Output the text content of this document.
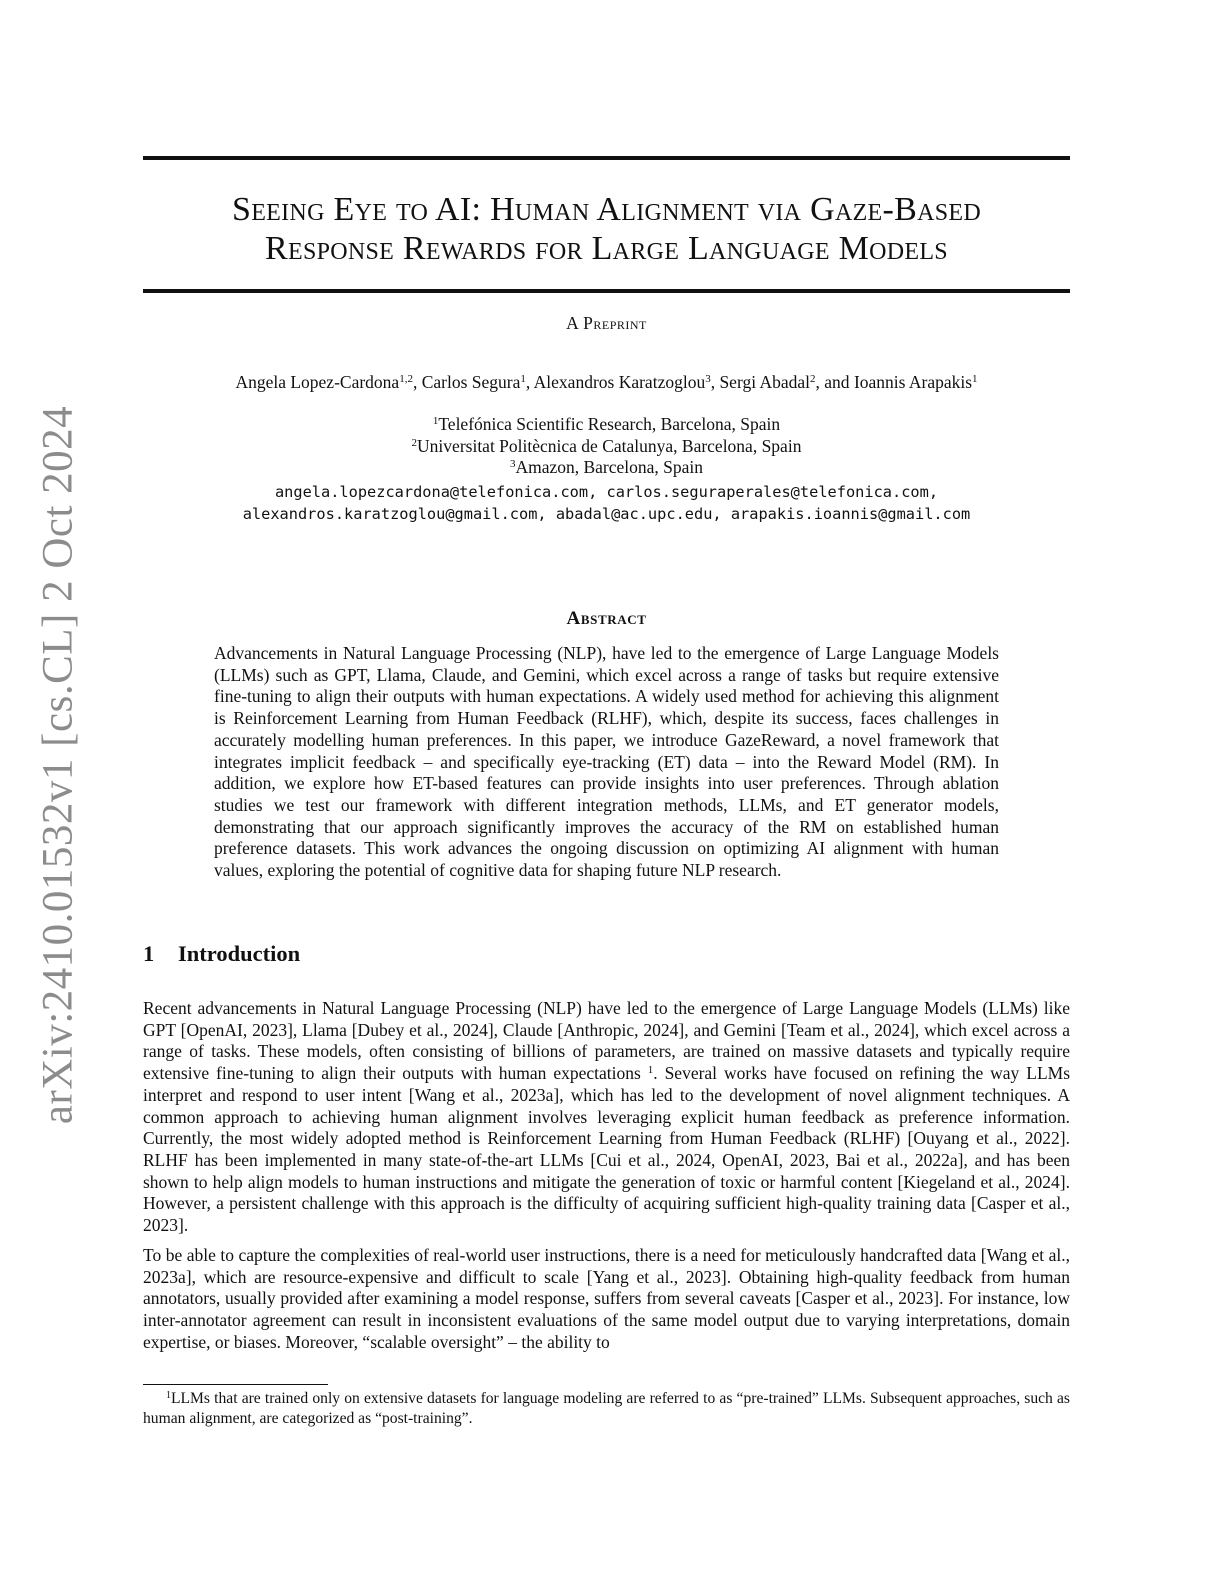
arXiv:2410.01532v1 [cs.CL] 2 Oct 2024
Seeing Eye to AI: Human Alignment via Gaze-Based
Response Rewards for Large Language Models
A Preprint
Angela Lopez-Cardona$^{1,2}$, Carlos Segura$^1$, Alexandros Karatzoglou$^3$, Sergi Abadal$^2$, and Ioannis Arapakis$^1$
$^1$Telefónica Scientific Research, Barcelona, Spain
$^2$Universitat Politècnica de Catalunya, Barcelona, Spain
$^3$Amazon, Barcelona, Spain
angela.lopezcardona@telefonica.com, carlos.seguraperales@telefonica.com,
alexandros.karatzoglou@gmail.com, abadal@ac.upc.edu, arapakis.ioannis@gmail.com
Abstract

Advancements in Natural Language Processing (NLP), have led to the emergence of Large Language Models (LLMs) such as GPT, Llama, Claude, and Gemini, which excel across a range of tasks but require extensive fine-tuning to align their outputs with human expectations. A widely used method for achieving this alignment is Reinforcement Learning from Human Feedback (RLHF), which, despite its success, faces challenges in accurately modelling human preferences. In this paper, we introduce GazeReward, a novel framework that integrates implicit feedback – and specifically eye-tracking (ET) data – into the Reward Model (RM). In addition, we explore how ET-based features can provide insights into user preferences. Through ablation studies we test our framework with different integration methods, LLMs, and ET generator models, demonstrating that our approach significantly improves the accuracy of the RM on established human preference datasets. This work advances the ongoing discussion on optimizing AI alignment with human values, exploring the potential of cognitive data for shaping future NLP research.

1 Introduction

Recent advancements in Natural Language Processing (NLP) have led to the emergence of Large Language Models (LLMs) like GPT [OpenAI, 2023], Llama [Dubey et al., 2024], Claude [Anthropic, 2024], and Gemini [Team et al., 2024], which excel across a range of tasks. These models, often consisting of billions of parameters, are trained on massive datasets and typically require extensive fine-tuning to align their outputs with human expectations $^1$. Several works have focused on refining the way LLMs interpret and respond to user intent [Wang et al., 2023a], which has led to the development of novel alignment techniques. A common approach to achieving human alignment involves leveraging explicit human feedback as preference information. Currently, the most widely adopted method is Reinforcement Learning from Human Feedback (RLHF) [Ouyang et al., 2022]. RLHF has been implemented in many state-of-the-art LLMs [Cui et al., 2024, OpenAI, 2023, Bai et al., 2022a], and has been shown to help align models to human instructions and mitigate the generation of toxic or harmful content [Kiegeland et al., 2024]. However, a persistent challenge with this approach is the difficulty of acquiring sufficient high-quality training data [Casper et al., 2023].

To be able to capture the complexities of real-world user instructions, there is a need for meticulously handcrafted data [Wang et al., 2023a], which are resource-expensive and difficult to scale [Yang et al., 2023]. Obtaining high-quality feedback from human annotators, usually provided after examining a model response, suffers from several caveats [Casper et al., 2023]. For instance, low inter-annotator agreement can result in inconsistent evaluations of the same model output due to varying interpretations, domain expertise, or biases. Moreover, “scalable oversight” – the ability to

$^1$LLMs that are trained only on extensive datasets for language modeling are referred to as “pre-trained” LLMs. Subsequent approaches, such as human alignment, are categorized as “post-training”.
